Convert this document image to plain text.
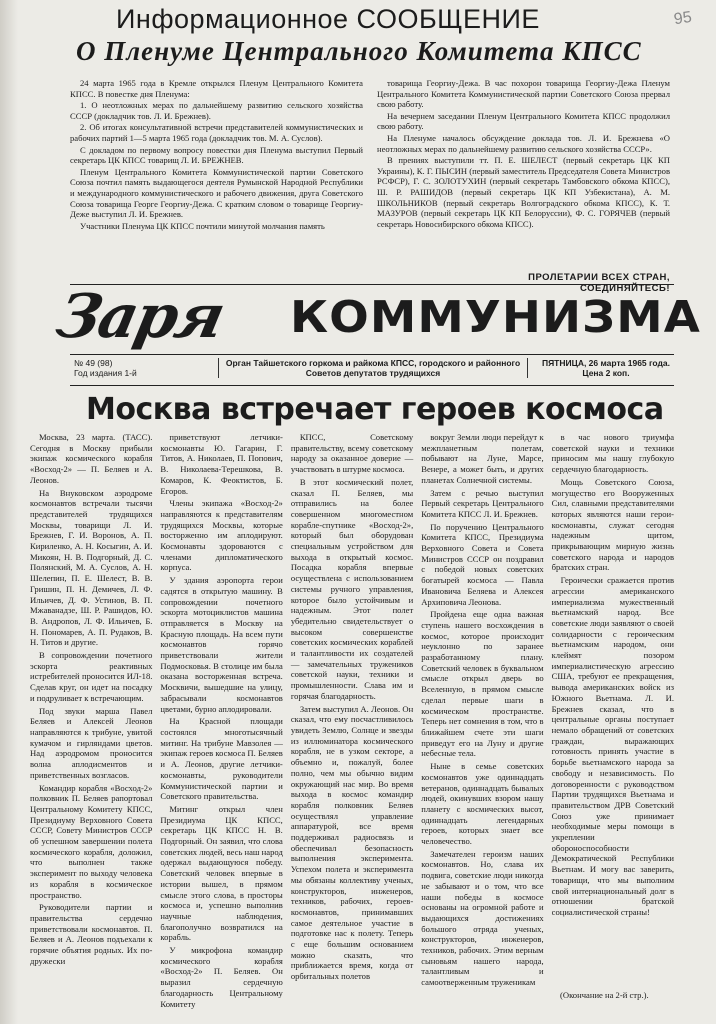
95
Информационное СООБЩЕНИЕ
О Пленуме Центрального Комитета КПСС

24 марта 1965 года в Кремле открылся Пленум Центрального Комитета КПСС. В повестке дня Пленума:

1. О неотложных мерах по дальнейшему развитию сельского хозяйства СССР (докладчик тов. Л. И. Брежнев).

2. Об итогах консультативной встречи представителей коммунистических и рабочих партий 1—5 марта 1965 года (докладчик тов. М. А. Суслов).

С докладом по первому вопросу повестки дня Пленума выступил Первый секретарь ЦК КПСС товарищ Л. И. БРЕЖНЕВ.

Пленум Центрального Комитета Коммунистической партии Советского Союза почтил память выдающегося деятеля Румынской Народной Республики и международного коммунистического и рабочего движения, друга Советского Союза товарища Георге Георгиу-Дежа. С кратким словом о товарище Георгиу-Деже выступил Л. И. Брежнев.

Участники Пленума ЦК КПСС почтили минутой молчания память

товарища Георгиу-Дежа. В час похорон товарища Георгиу-Дежа Пленум Центрального Комитета Коммунистической партии Советского Союза прервал свою работу.

На вечернем заседании Пленум Центрального Комитета КПСС продолжил свою работу.

На Пленуме началось обсуждение доклада тов. Л. И. Брежнева «О неотложных мерах по дальнейшему развитию сельского хозяйства СССР».

В прениях выступили тт. П. Е. ШЕЛЕСТ (первый секретарь ЦК КП Украины), К. Г. ПЫСИН (первый заместитель Председателя Совета Министров РСФСР), Г. С. ЗОЛОТУХИН (первый секретарь Тамбовского обкома КПСС), Ш. Р. РАШИДОВ (первый секретарь ЦК КП Узбекистана), А. М. ШКОЛЬНИКОВ (первый секретарь Волгоградского обкома КПСС), К. Т. МАЗУРОВ (первый секретарь ЦК КП Белоруссии), Ф. С. ГОРЯЧЕВ (первый секретарь Новосибирского обкома КПСС).

ПРОЛЕТАРИИ ВСЕХ СТРАН, СОЕДИНЯЙТЕСЬ!
Заря КОММУНИЗМА
№ 49 (98)
Год издания 1-й
Орган Тайшетского горкома и райкома КПСС, городского и районного Советов депутатов трудящихся
ПЯТНИЦА, 26 марта 1965 года.
Цена 2 коп.
Москва встречает героев космоса

Москва, 23 марта. (ТАСС). Сегодня в Москву прибыли экипаж космического корабля «Восход-2» — П. Беляев и А. Леонов.

На Внуковском аэродроме космонавтов встречали тысячи представителей трудящихся Москвы, товарищи Л. И. Брежнев, Г. И. Воронов, А. П. Кириленко, А. Н. Косыгин, А. И. Микоян, Н. В. Подгорный, Д. С. Полянский, М. А. Суслов, А. Н. Шелепин, П. Е. Шелест, В. В. Гришин, П. Н. Демичев, Л. Ф. Ильичев, Д. Ф. Устинов, В. П. Мжаванадзе, Ш. Р. Рашидов, Ю. В. Андропов, Л. Ф. Ильичев, Б. Н. Пономарев, А. П. Рудаков, В. Н. Титов и другие.

В сопровождении почетного эскорта реактивных истребителей проносится ИЛ-18. Сделав круг, он идет на посадку и подруливает к встречающим.

Под звуки марша Павел Беляев и Алексей Леонов направляются к трибуне, увитой кумачом и гирляндами цветов. Над аэродромом проносится волна аплодисментов и приветственных возгласов.

Командир корабля «Восход-2» полковник П. Беляев рапортовал Центральному Комитету КПСС, Президиуму Верховного Совета СССР, Совету Министров СССР об успешном завершении полета космического корабля, доложил, что выполнен также эксперимент по выходу человека из корабля в космическое пространство.

Руководители партии и правительства сердечно приветствовали космонавтов. П. Беляев и А. Леонов подъехали к горячие объятия родных. Их по-дружески

приветствуют летчики-космонавты Ю. Гагарин, Г. Титов, А. Николаев, П. Попович, В. Николаева-Терешкова, В. Комаров, К. Феоктистов, Б. Егоров.

Члены экипажа «Восход-2» направляются к представителям трудящихся Москвы, которые восторженно им аплодируют. Космонавты здороваются с членами дипломатического корпуса.

У здания аэропорта герои садятся в открытую машину. В сопровождении почетного эскорта мотоциклистов машина отправляется в Москву на Красную площадь. На всем пути космонавтов горячо приветствовали жители Подмосковья. В столице им была оказана восторженная встреча. Москвичи, вышедшие на улицу, забрасывали космонавтов цветами, бурно аплодировали.

На Красной площади состоялся многотысячный митинг. На трибуне Мавзолея — экипаж героев космоса П. Беляев и А. Леонов, другие летчики-космонавты, руководители Коммунистической партии и Советского правительства.

Митинг открыл член Президиума ЦК КПСС, секретарь ЦК КПСС Н. В. Подгорный. Он заявил, что слова советских людей, весь наш народ одержал выдающуюся победу. Советский человек впервые в истории вышел, в прямом смысле этого слова, в просторы космоса и, успешно выполнив научные наблюдения, благополучно возвратился на корабль.

У микрофона командир космического корабля «Восход-2» П. Беляев. Он выразил сердечную благодарность Центральному Комитету

КПСС, Советскому правительству, всему советскому народу за оказанное доверие — участвовать в штурме космоса.

В этот космический полет, сказал П. Беляев, мы отправились на более совершенном многоместном корабле-спутнике «Восход-2», который был оборудован специальным устройством для выхода в открытый космос. Посадка корабля впервые осуществлена с использованием системы ручного управления, которое было устойчивым и надежным. Этот полет убедительно свидетельствует о высоком совершенстве советских космических кораблей и талантливости их создателей — замечательных тружеников советской науки, техники и промышленности. Слава им и горячая благодарность.

Затем выступил А. Леонов. Он сказал, что ему посчастливилось увидеть Землю, Солнце и звезды из иллюминатора космического корабля, не в узком секторе, а объемно и, пожалуй, более полно, чем мы обычно видим окружающий нас мир. Во время выхода в космос командир корабля полковник Беляев осуществлял управление аппаратурой, все время поддерживал радиосвязь и обеспечивал безопасность выполнения эксперимента. Успехом полета и эксперимента мы обязаны коллективу ученых, конструкторов, инженеров, техников, рабочих, героев-космонавтов, принимавших самое деятельное участие в подготовке нас к полету. Теперь с еще большим основанием можно сказать, что приближается время, когда от орбитальных полетов

вокруг Земли люди перейдут к межпланетным полетам, побывают на Луне, Марсе, Венере, а может быть, и других планетах Солнечной системы.

Затем с речью выступил Первый секретарь Центрального Комитета КПСС Л. И. Брежнев.

По поручению Центрального Комитета КПСС, Президиума Верховного Совета и Совета Министров СССР он поздравил с победой новых советских богатырей космоса — Павла Ивановича Беляева и Алексея Архиповича Леонова.

Пройдена еще одна важная ступень нашего восхождения в космос, которое происходит неуклонно по заранее разработанному плану. Советский человек в буквальном смысле открыл дверь во Вселенную, в прямом смысле сделал первые шаги в космическом пространстве. Теперь нет сомнения в том, что в ближайшем счете эти шаги приведут его на Луну и другие небесные тела.

Ныне в семье советских космонавтов уже одиннадцать ветеранов, одиннадцать бывалых людей, окинувших взором нашу планету с космических высот, одиннадцать легендарных героев, которых знает все человечество.

Замечателен героизм наших космонавтов. Но, слава их подвига, советские люди никогда не забывают и о том, что все наши победы в космосе основаны на огромной работе и выдающихся достижениях большого отряда ученых, конструкторов, инженеров, техников, рабочих. Этим верным сыновьям нашего народа, талантливым и самоотверженным труженикам

в час нового триумфа советской науки и техники приносим мы нашу глубокую сердечную благодарность.

Мощь Советского Союза, могущество его Вооруженных Сил, славными представителями которых являются наши герои-космонавты, служат сегодня надежным щитом, прикрывающим мирную жизнь советского народа и народов братских стран.

Героически сражается против агрессии американского империализма мужественный вьетнамский народ. Все советские люди заявляют о своей солидарности с героическим вьетнамским народом, они клеймят позором империалистическую агрессию США, требуют ее прекращения, вывода американских войск из Южного Вьетнама. Л. И. Брежнев сказал, что в центральные органы поступает немало обращений от советских граждан, выражающих готовность принять участие в борьбе вьетнамского народа за свободу и независимость. По договоренности с руководством Партии трудящихся Вьетнама и правительством ДРВ Советский Союз уже принимает необходимые меры помощи в укреплении обороноспособности Демократической Республики Вьетнам. И могу вас заверить, товарищи, что мы выполним свой интернациональный долг в отношении братской социалистической страны!

(Окончание на 2-й стр.).
